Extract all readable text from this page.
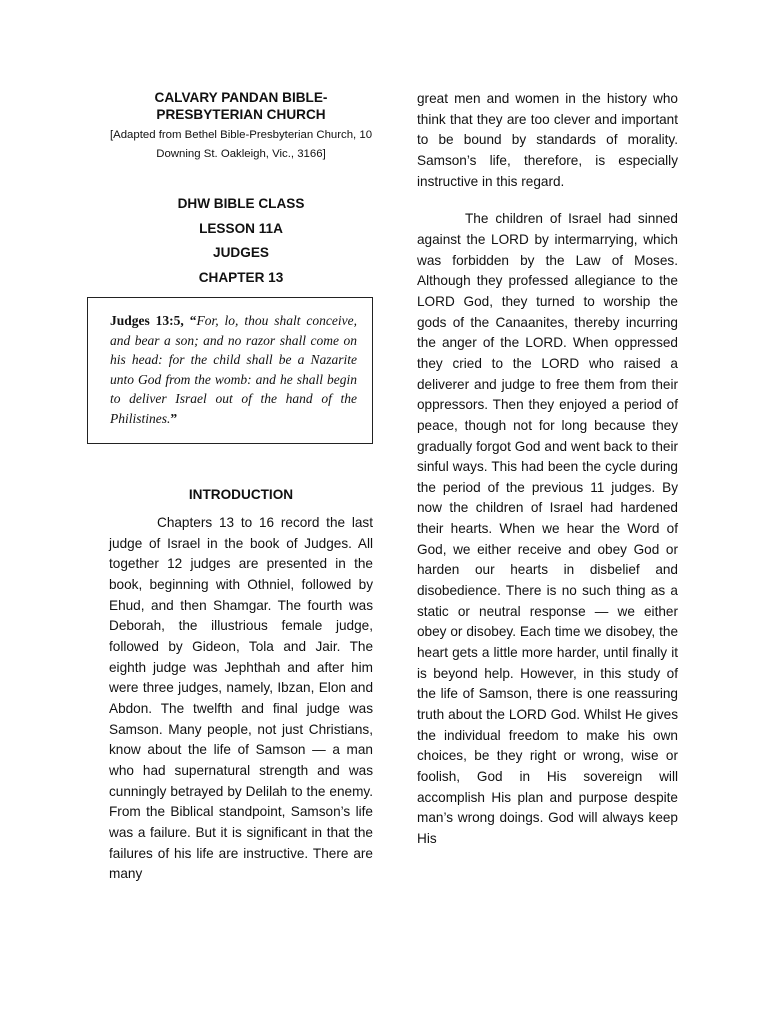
CALVARY PANDAN BIBLE-PRESBYTERIAN CHURCH

[Adapted from Bethel Bible-Presbyterian Church, 10 Downing St. Oakleigh, Vic., 3166]

DHW BIBLE CLASS
LESSON 11A
JUDGES
CHAPTER 13

Judges 13:5, “For, lo, thou shalt conceive, and bear a son; and no razor shall come on his head: for the child shall be a Nazarite unto God from the womb: and he shall begin to deliver Israel out of the hand of the Philistines.”

INTRODUCTION

Chapters 13 to 16 record the last judge of Israel in the book of Judges. All together 12 judges are presented in the book, beginning with Othniel, followed by Ehud, and then Shamgar. The fourth was Deborah, the illustrious female judge, followed by Gideon, Tola and Jair. The eighth judge was Jephthah and after him were three judges, namely, Ibzan, Elon and Abdon. The twelfth and final judge was Samson. Many people, not just Christians, know about the life of Samson — a man who had supernatural strength and was cunningly betrayed by Delilah to the enemy. From the Biblical standpoint, Samson’s life was a failure. But it is significant in that the failures of his life are instructive. There are many

great men and women in the history who think that they are too clever and important to be bound by standards of morality. Samson’s life, therefore, is especially instructive in this regard.

The children of Israel had sinned against the LORD by intermarrying, which was forbidden by the Law of Moses. Although they professed allegiance to the LORD God, they turned to worship the gods of the Canaanites, thereby incurring the anger of the LORD. When oppressed they cried to the LORD who raised a deliverer and judge to free them from their oppressors. Then they enjoyed a period of peace, though not for long because they gradually forgot God and went back to their sinful ways. This had been the cycle during the period of the previous 11 judges. By now the children of Israel had hardened their hearts. When we hear the Word of God, we either receive and obey God or harden our hearts in disbelief and disobedience. There is no such thing as a static or neutral response — we either obey or disobey. Each time we disobey, the heart gets a little more harder, until finally it is beyond help. However, in this study of the life of Samson, there is one reassuring truth about the LORD God. Whilst He gives the individual freedom to make his own choices, be they right or wrong, wise or foolish, God in His sovereign will accomplish His plan and purpose despite man’s wrong doings. God will always keep His
